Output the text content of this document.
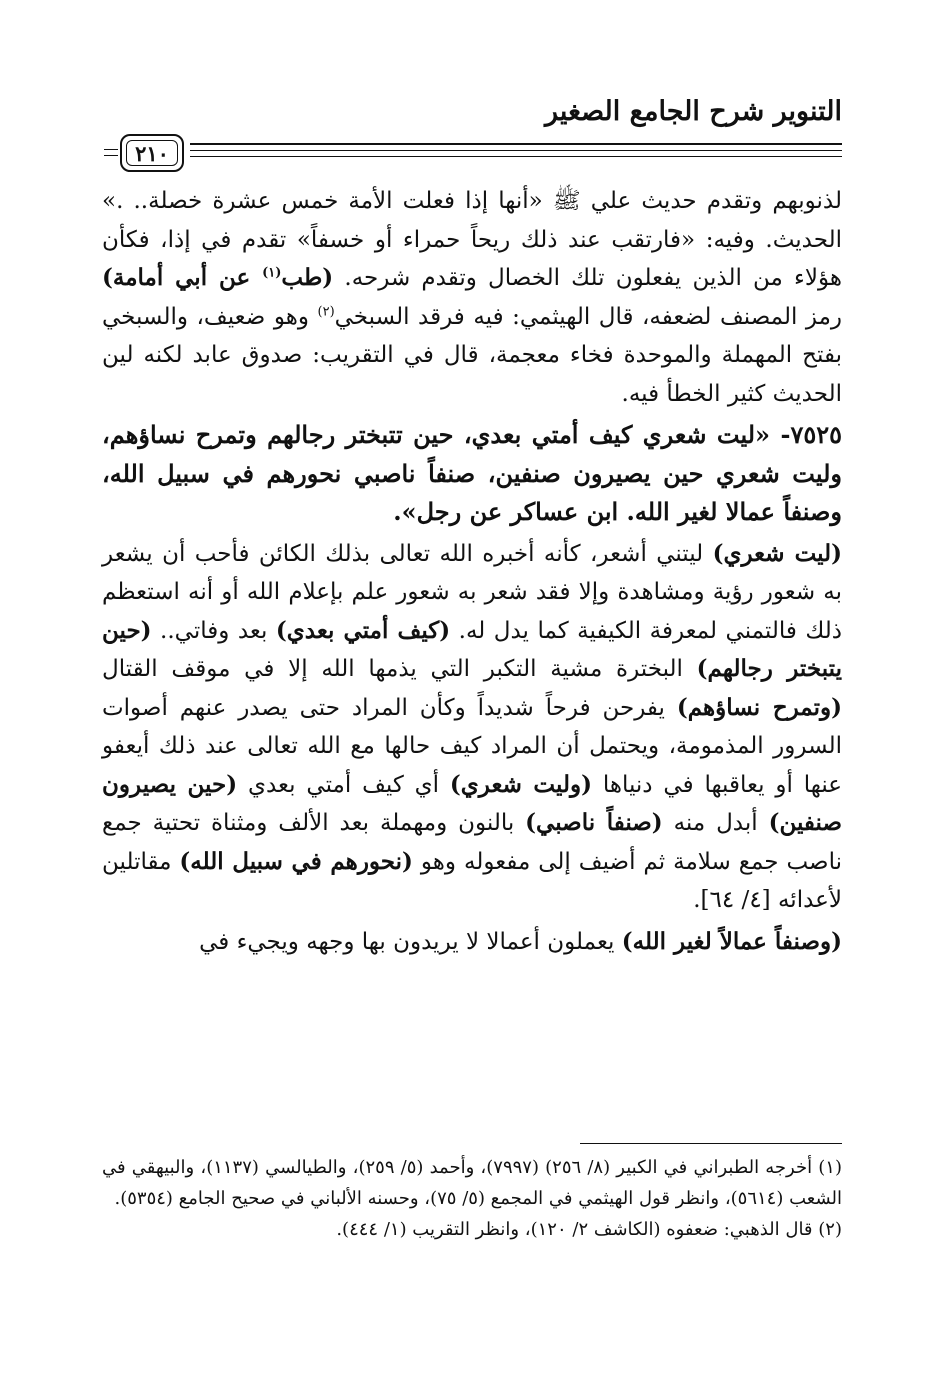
التنوير شرح الجامع الصغير
٢١٠

لذنوبهم وتقدم حديث علي ﷺ «أنها إذا فعلت الأمة خمس عشرة خصلة.. .» الحديث. وفيه: «فارتقب عند ذلك ريحاً حمراء أو خسفاً» تقدم في إذا، فكأن هؤلاء من الذين يفعلون تلك الخصال وتقدم شرحه. (طب$^{(١)}$ عن أبي أمامة) رمز المصنف لضعفه، قال الهيثمي: فيه فرقد السبخي$^{(٢)}$ وهو ضعيف، والسبخي بفتح المهملة والموحدة فخاء معجمة، قال في التقريب: صدوق عابد لكنه لين الحديث كثير الخطأ فيه.

٧٥٢٥- «ليت شعري كيف أمتي بعدي، حين تتبختر رجالهم وتمرح نساؤهم، وليت شعري حين يصيرون صنفين، صنفاً ناصبي نحورهم في سبيل الله، وصنفاً عمالا لغير الله. ابن عساكر عن رجل».

(ليت شعري) ليتني أشعر، كأنه أخبره الله تعالى بذلك الكائن فأحب أن يشعر به شعور رؤية ومشاهدة وإلا فقد شعر به شعور علم بإعلام الله أو أنه استعظم ذلك فالتمني لمعرفة الكيفية كما يدل له. (كيف أمتي بعدي) بعد وفاتي.. (حين يتبختر رجالهم) البخترة مشية التكبر التي يذمها الله إلا في موقف القتال (وتمرح نساؤهم) يفرحن فرحاً شديداً وكأن المراد حتى يصدر عنهم أصوات السرور المذمومة، ويحتمل أن المراد كيف حالها مع الله تعالى عند ذلك أيعفو عنها أو يعاقبها في دنياها (وليت شعري) أي كيف أمتي بعدي (حين يصيرون صنفين) أبدل منه (صنفاً ناصبي) بالنون ومهملة بعد الألف ومثناة تحتية جمع ناصب جمع سلامة ثم أضيف إلى مفعوله وهو (نحورهم في سبيل الله) مقاتلين لأعدائه [٤/ ٦٤].

(وصنفاً عمالاً لغير الله) يعملون أعمالا لا يريدون بها وجهه ويجيء في

(١) أخرجه الطبراني في الكبير (٨/ ٢٥٦) (٧٩٩٧)، وأحمد (٥/ ٢٥٩)، والطيالسي (١١٣٧)، والبيهقي في الشعب (٥٦١٤)، وانظر قول الهيثمي في المجمع (٥/ ٧٥)، وحسنه الألباني في صحيح الجامع (٥٣٥٤).

(٢) قال الذهبي: ضعفوه (الكاشف ٢/ ١٢٠)، وانظر التقريب (١/ ٤٤٤).
